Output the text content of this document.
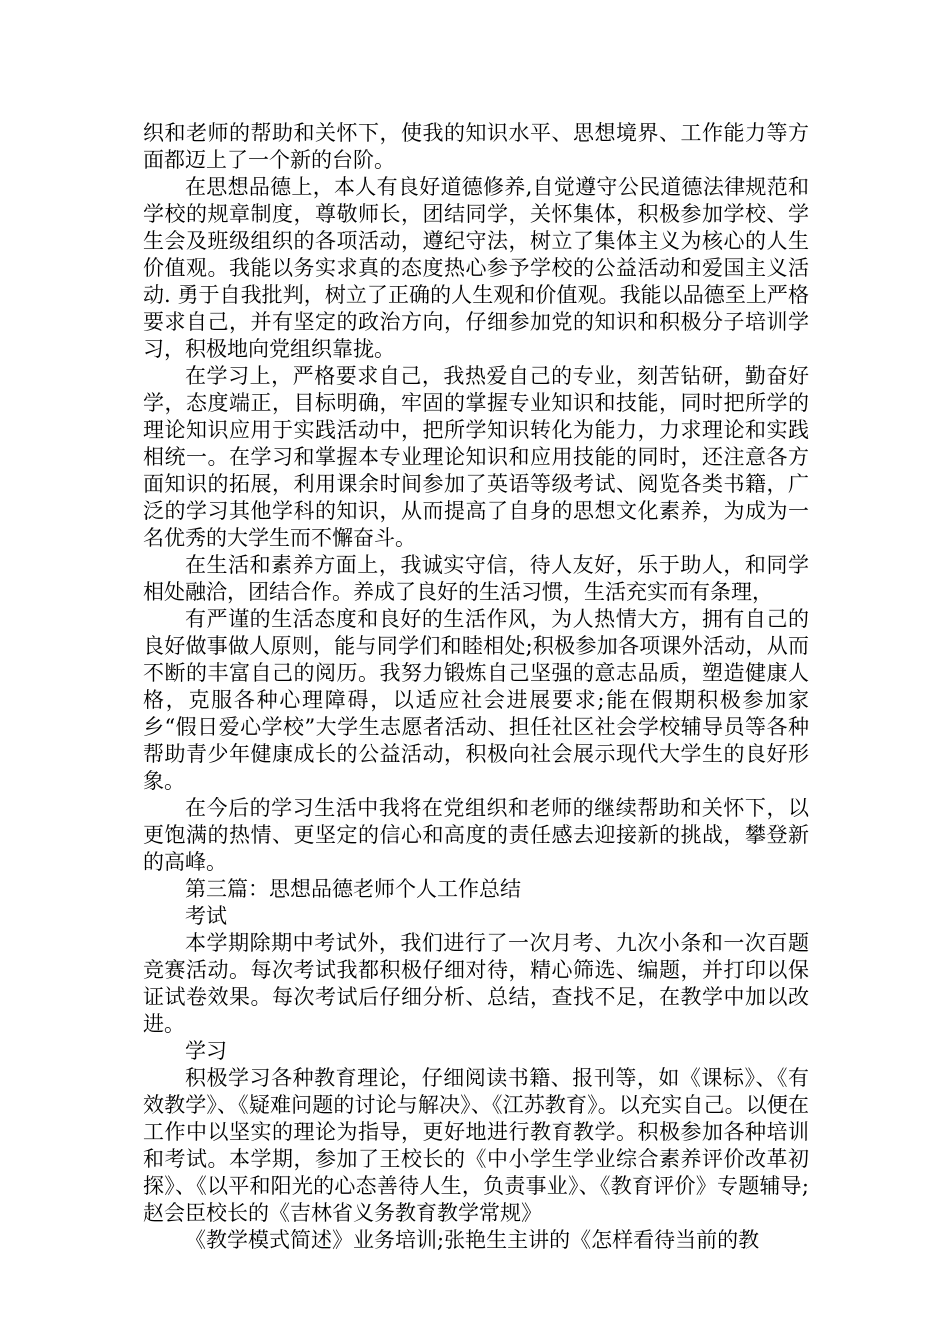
织和老师的帮助和关怀下，使我的知识水平、思想境界、工作能力等方面都迈上了一个新的台阶。

在思想品德上，本人有良好道德修养,自觉遵守公民道德法律规范和学校的规章制度，尊敬师长，团结同学，关怀集体，积极参加学校、学生会及班级组织的各项活动，遵纪守法，树立了集体主义为核心的人生价值观。我能以务实求真的态度热心参予学校的公益活动和爱国主义活动. 勇于自我批判，树立了正确的人生观和价值观。我能以品德至上严格要求自己，并有坚定的政治方向，仔细参加党的知识和积极分子培训学习，积极地向党组织靠拢。

在学习上，严格要求自己，我热爱自己的专业，刻苦钻研，勤奋好学，态度端正，目标明确，牢固的掌握专业知识和技能，同时把所学的理论知识应用于实践活动中，把所学知识转化为能力，力求理论和实践相统一。在学习和掌握本专业理论知识和应用技能的同时，还注意各方面知识的拓展，利用课余时间参加了英语等级考试、阅览各类书籍，广泛的学习其他学科的知识，从而提高了自身的思想文化素养，为成为一名优秀的大学生而不懈奋斗。

在生活和素养方面上，我诚实守信，待人友好，乐于助人，和同学相处融洽，团结合作。养成了良好的生活习惯，生活充实而有条理，

有严谨的生活态度和良好的生活作风，为人热情大方，拥有自己的良好做事做人原则，能与同学们和睦相处;积极参加各项课外活动，从而不断的丰富自己的阅历。我努力锻炼自己坚强的意志品质，塑造健康人格，克服各种心理障碍，以适应社会进展要求;能在假期积极参加家乡“假日爱心学校”大学生志愿者活动、担任社区社会学校辅导员等各种帮助青少年健康成长的公益活动，积极向社会展示现代大学生的良好形象。

在今后的学习生活中我将在党组织和老师的继续帮助和关怀下，以更饱满的热情、更坚定的信心和高度的责任感去迎接新的挑战，攀登新的高峰。

第三篇：思想品德老师个人工作总结

考试

本学期除期中考试外，我们进行了一次月考、九次小条和一次百题竞赛活动。每次考试我都积极仔细对待，精心筛选、编题，并打印以保证试卷效果。每次考试后仔细分析、总结，查找不足，在教学中加以改进。

学习

积极学习各种教育理论，仔细阅读书籍、报刊等，如《课标》、《有效教学》、《疑难问题的讨论与解决》、《江苏教育》。以充实自己。以便在工作中以坚实的理论为指导，更好地进行教育教学。积极参加各种培训和考试。本学期，参加了王校长的《中小学生学业综合素养评价改革初探》、《以平和阳光的心态善待人生，负责事业》、《教育评价》专题辅导;赵会臣校长的《吉林省义务教育教学常规》

《教学模式简述》业务培训;张艳生主讲的《怎样看待当前的教
